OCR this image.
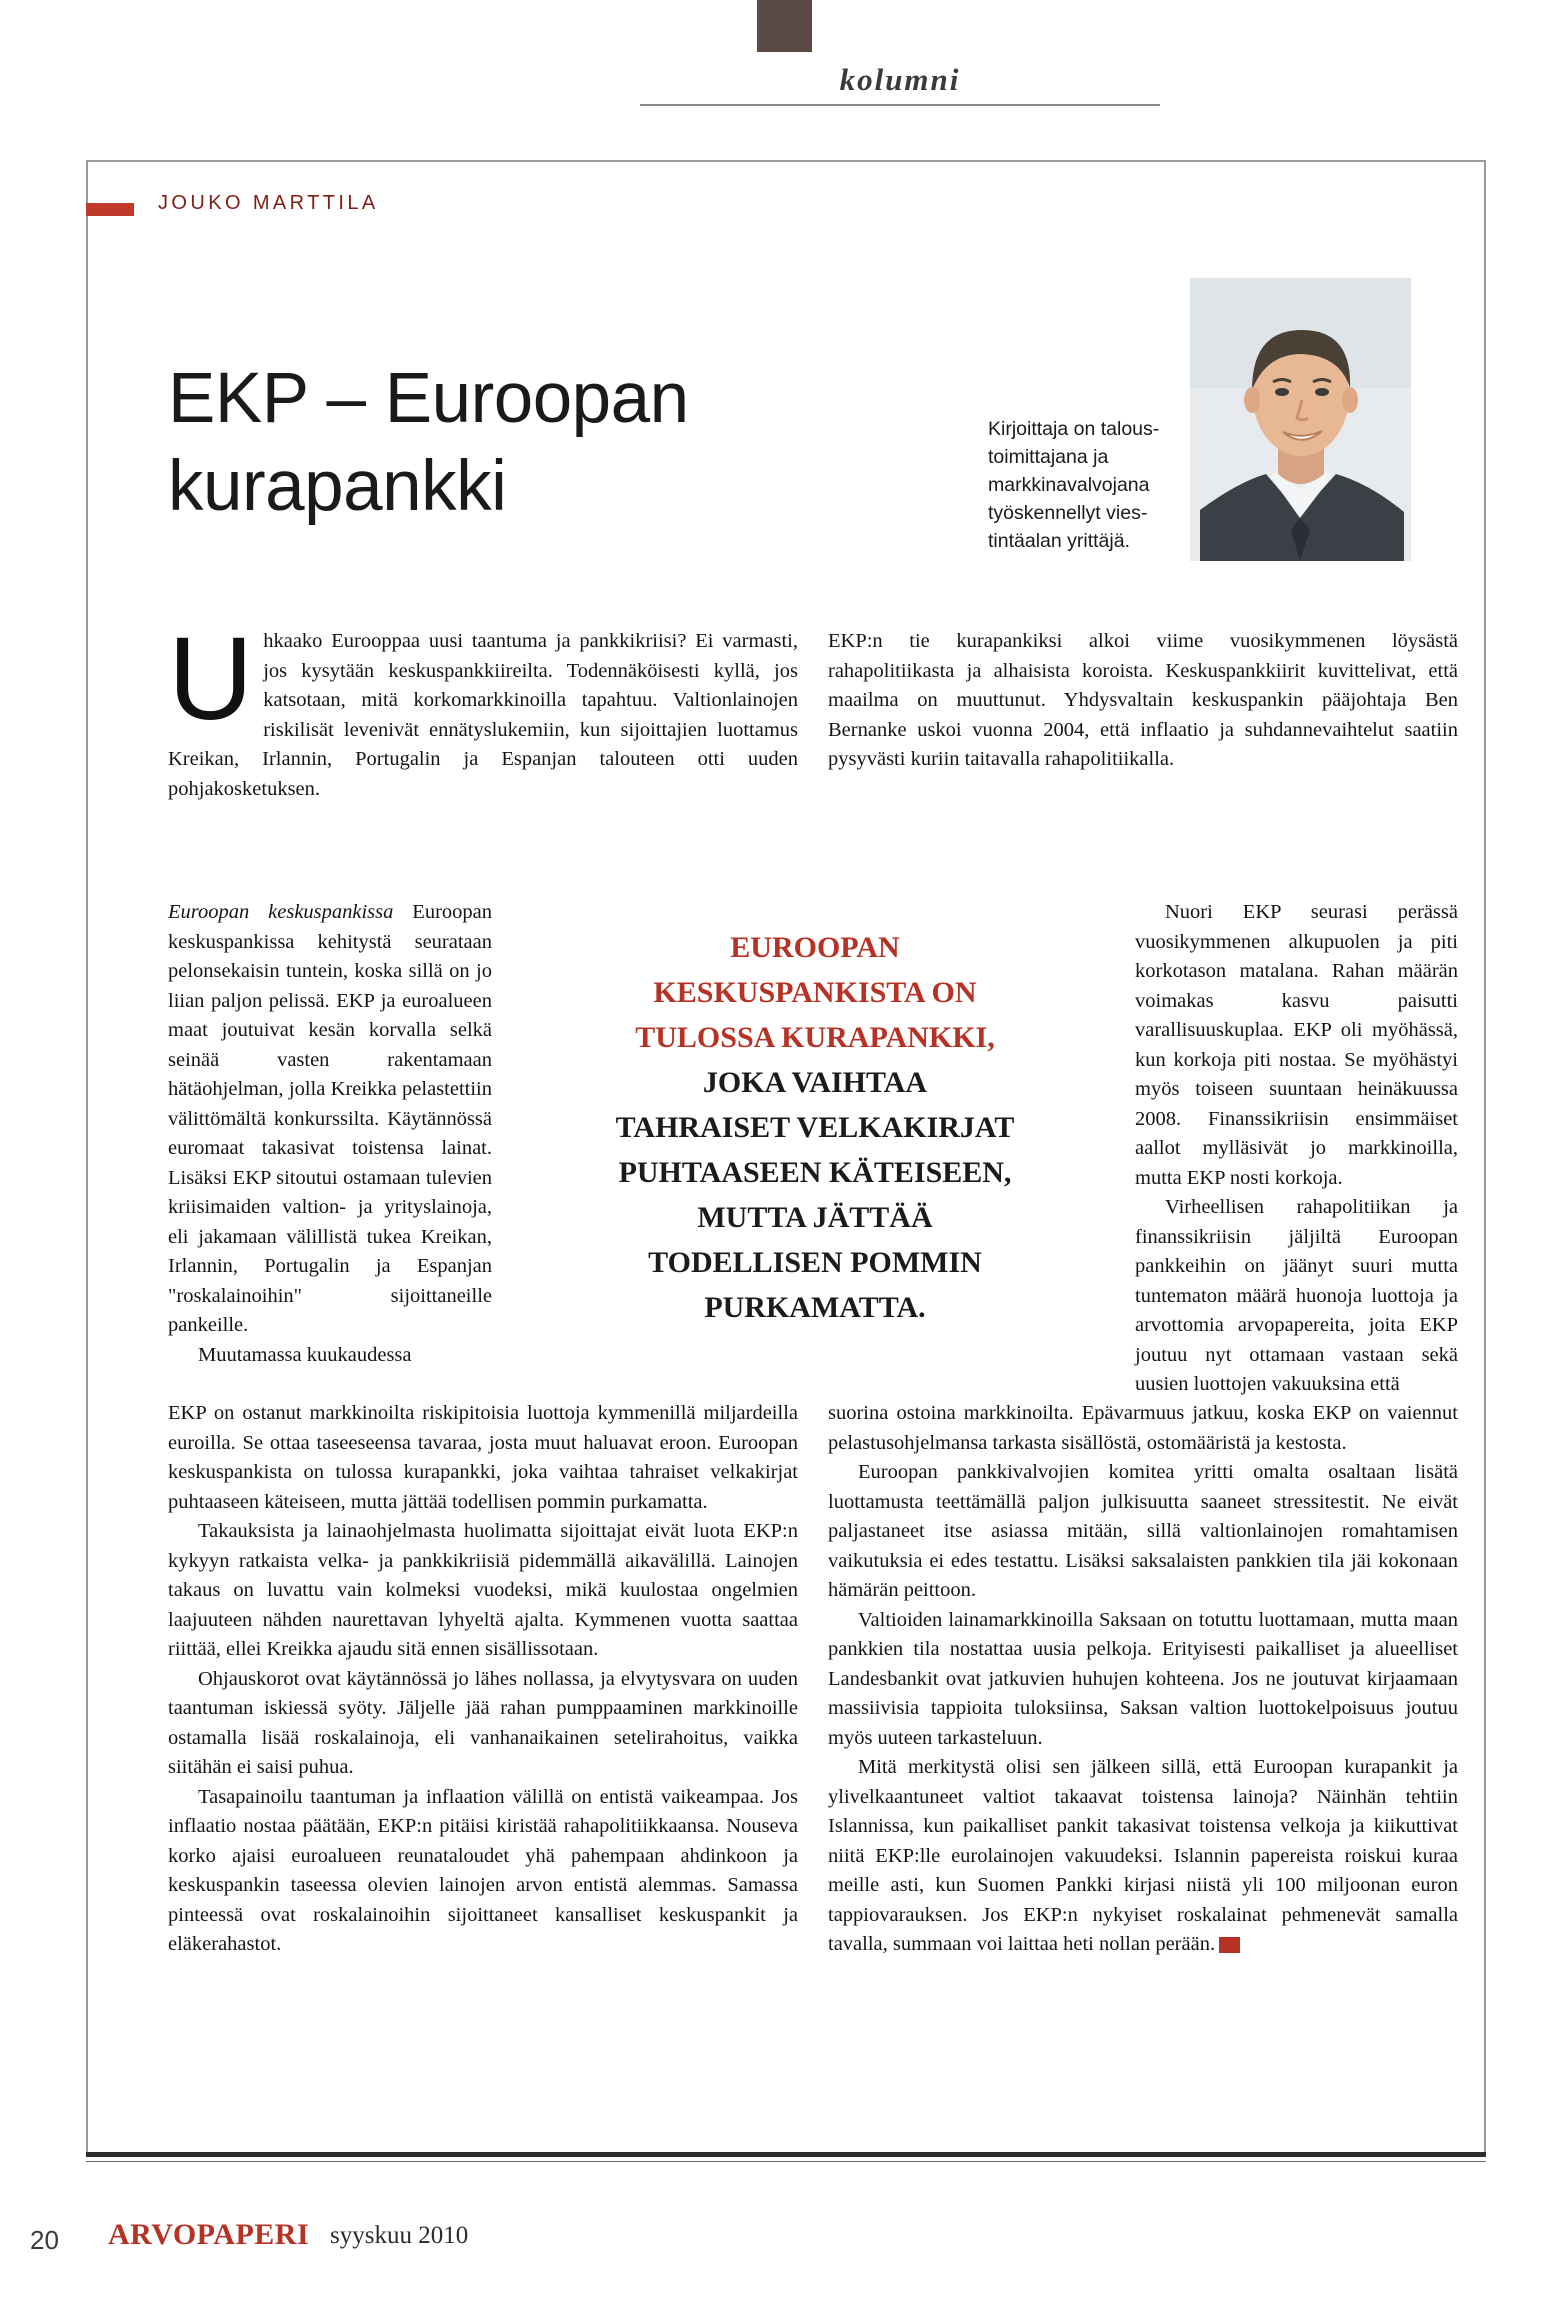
kolumni
JOUKO MARTTILA
EKP – Euroopan
kurapankki
Kirjoittaja on taloustoimittajana ja markkinavalvojana työskennellyt viestintäalan yrittäjä.

Uhkaako Eurooppaa uusi taantuma ja pankkikriisi? Ei varmasti, jos kysytään keskuspankkiireilta. Todennäköisesti kyllä, jos katsotaan, mitä korkomarkkinoilla tapahtuu. Valtionlainojen riskilisät levenivät ennätyslukemiin, kun sijoittajien luottamus Kreikan, Irlannin, Portugalin ja Espanjan talouteen otti uuden pohjakosketuksen.

Euroopan keskuspankissa Euroopan keskuspankissa kehitystä seurataan pelonsekaisin tuntein, koska sillä on jo liian paljon pelissä. EKP ja euroalueen maat joutuivat kesän korvalla selkä seinää vasten rakentamaan hätäohjelman, jolla Kreikka pelastettiin välittömältä konkurssilta. Käytännössä euromaat takasivat toistensa lainat. Lisäksi EKP sitoutui ostamaan tulevien kriisimaiden valtion- ja yrityslainoja, eli jakamaan välillistä tukea Kreikan, Irlannin, Portugalin ja Espanjan "roskalainoihin" sijoittaneille pankeille.

Muutamassa kuukaudessa

EKP on ostanut markkinoilta riskipitoisia luottoja kymmenillä miljardeilla euroilla. Se ottaa taseeseensa tavaraa, josta muut haluavat eroon. Euroopan keskuspankista on tulossa kurapankki, joka vaihtaa tahraiset velkakirjat puhtaaseen käteiseen, mutta jättää todellisen pommin purkamatta.

Takauksista ja lainaohjelmasta huolimatta sijoittajat eivät luota EKP:n kykyyn ratkaista velka- ja pankkikriisiä pidemmällä aikavälillä. Lainojen takaus on luvattu vain kolmeksi vuodeksi, mikä kuulostaa ongelmien laajuuteen nähden naurettavan lyhyeltä ajalta. Kymmenen vuotta saattaa riittää, ellei Kreikka ajaudu sitä ennen sisällissotaan.

Ohjauskorot ovat käytännössä jo lähes nollassa, ja elvytysvara on uuden taantuman iskiessä syöty. Jäljelle jää rahan pumppaaminen markkinoille ostamalla lisää roskalainoja, eli vanhanaikainen setelirahoitus, vaikka siitähän ei saisi puhua.

Tasapainoilu taantuman ja inflaation välillä on entistä vaikeampaa. Jos inflaatio nostaa päätään, EKP:n pitäisi kiristää rahapolitiikkaansa. Nouseva korko ajaisi euroalueen reunataloudet yhä pahempaan ahdinkoon ja keskuspankin taseessa olevien lainojen arvon entistä alemmas. Samassa pinteessä ovat roskalainoihin sijoittaneet kansalliset keskuspankit ja eläkerahastot.

EKP:n tie kurapankiksi alkoi viime vuosikymmenen löysästä rahapolitiikasta ja alhaisista koroista. Keskuspankkiirit kuvittelivat, että maailma on muuttunut. Yhdysvaltain keskuspankin pääjohtaja Ben Bernanke uskoi vuonna 2004, että inflaatio ja suhdannevaihtelut saatiin pysyvästi kuriin taitavalla rahapolitiikalla.

Nuori EKP seurasi perässä vuosikymmenen alkupuolen ja piti korkotason matalana. Rahan määrän voimakas kasvu paisutti varallisuuskuplaa. EKP oli myöhässä, kun korkoja piti nostaa. Se myöhästyi myös toiseen suuntaan heinäkuussa 2008. Finanssikriisin ensimmäiset aallot mylläsivät jo markkinoilla, mutta EKP nosti korkoja.

Virheellisen rahapolitiikan ja finanssikriisin jäljiltä Euroopan pankkeihin on jäänyt suuri mutta tuntematon määrä huonoja luottoja ja arvottomia arvopapereita, joita EKP joutuu nyt ottamaan vastaan sekä uusien luottojen vakuuksina että

suorina ostoina markkinoilta. Epävarmuus jatkuu, koska EKP on vaiennut pelastusohjelmansa tarkasta sisällöstä, ostomääristä ja kestosta.

Euroopan pankkivalvojien komitea yritti omalta osaltaan lisätä luottamusta teettämällä paljon julkisuutta saaneet stressitestit. Ne eivät paljastaneet itse asiassa mitään, sillä valtionlainojen romahtamisen vaikutuksia ei edes testattu. Lisäksi saksalaisten pankkien tila jäi kokonaan hämärän peittoon.

Valtioiden lainamarkkinoilla Saksaan on totuttu luottamaan, mutta maan pankkien tila nostattaa uusia pelkoja. Erityisesti paikalliset ja alueelliset Landesbankit ovat jatkuvien huhujen kohteena. Jos ne joutuvat kirjaamaan massiivisia tappioita tuloksiinsa, Saksan valtion luottokelpoisuus joutuu myös uuteen tarkasteluun.

Mitä merkitystä olisi sen jälkeen sillä, että Euroopan kurapankit ja ylivelkaantuneet valtiot takaavat toistensa lainoja? Näinhän tehtiin Islannissa, kun paikalliset pankit takasivat toistensa velkoja ja kiikuttivat niitä EKP:lle eurolainojen vakuudeksi. Islannin papereista roiskui kuraa meille asti, kun Suomen Pankki kirjasi niistä yli 100 miljoonan euron tappiovarauksen. Jos EKP:n nykyiset roskalainat pehmenevät samalla tavalla, summaan voi laittaa heti nollan perään.	AP

EUROOPAN
KESKUSPANKISTA ON
TULOSSA KURAPANKKI,
JOKA VAIHTAA
TAHRAISET VELKAKIRJAT
PUHTAASEEN KÄTEISEEN,
MUTTA JÄTTÄÄ
TODELLISEN POMMIN
PURKAMATTA.
20 ARVOPAPERI syyskuu 2010
